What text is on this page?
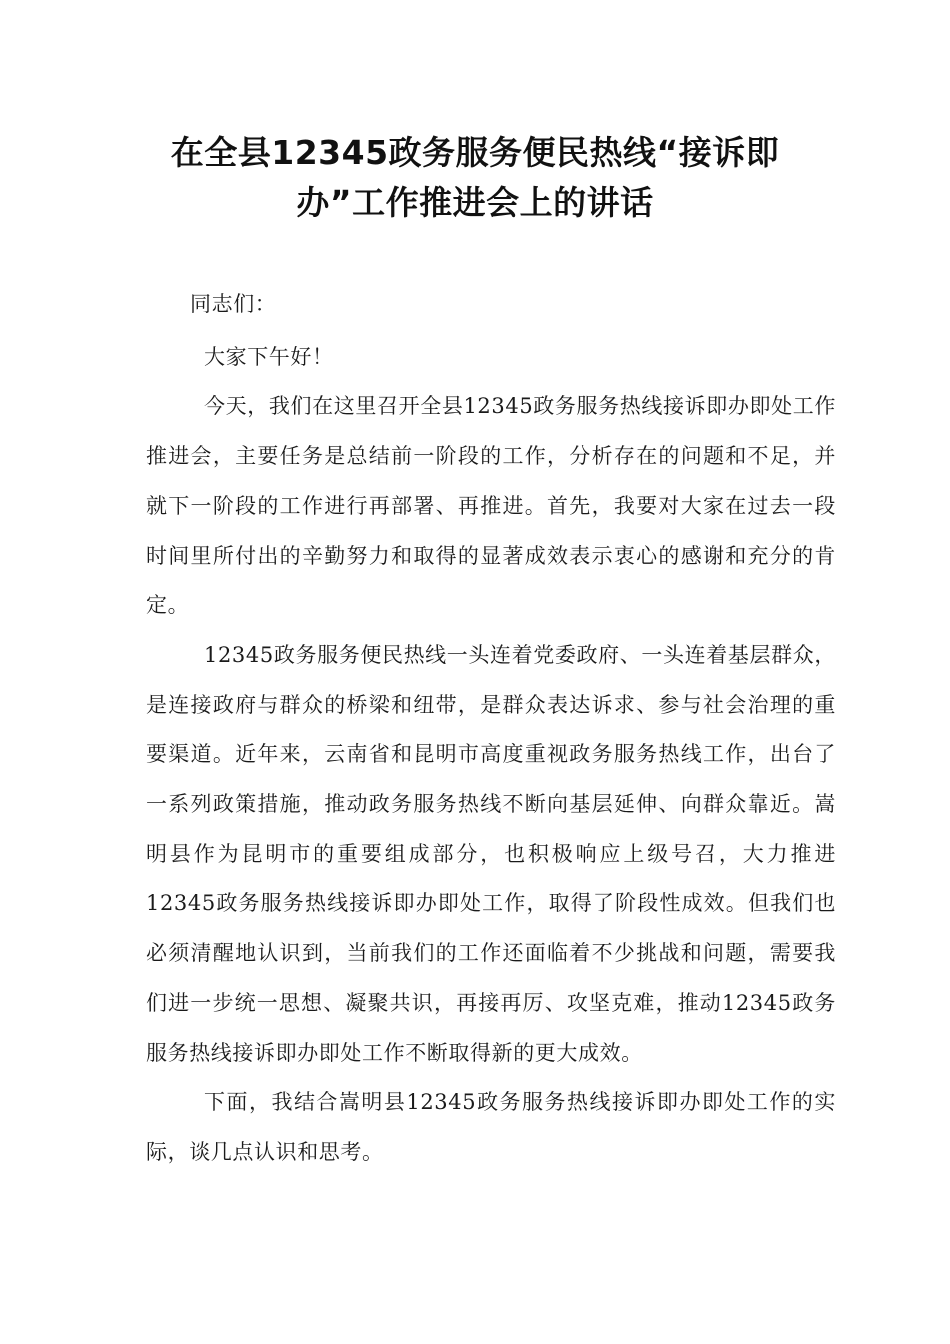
在全县12345政务服务便民热线“接诉即
办”工作推进会上的讲话

同志们：

大家下午好！

今天，我们在这里召开全县12345政务服务热线接诉即办即处工作推进会，主要任务是总结前一阶段的工作，分析存在的问题和不足，并就下一阶段的工作进行再部署、再推进。首先，我要对大家在过去一段时间里所付出的辛勤努力和取得的显著成效表示衷心的感谢和充分的肯定。

12345政务服务便民热线一头连着党委政府、一头连着基层群众，是连接政府与群众的桥梁和纽带，是群众表达诉求、参与社会治理的重要渠道。近年来，云南省和昆明市高度重视政务服务热线工作，出台了一系列政策措施，推动政务服务热线不断向基层延伸、向群众靠近。嵩明县作为昆明市的重要组成部分，也积极响应上级号召，大力推进12345政务服务热线接诉即办即处工作，取得了阶段性成效。但我们也必须清醒地认识到，当前我们的工作还面临着不少挑战和问题，需要我们进一步统一思想、凝聚共识，再接再厉、攻坚克难，推动12345政务服务热线接诉即办即处工作不断取得新的更大成效。

下面，我结合嵩明县12345政务服务热线接诉即办即处工作的实际，谈几点认识和思考。
